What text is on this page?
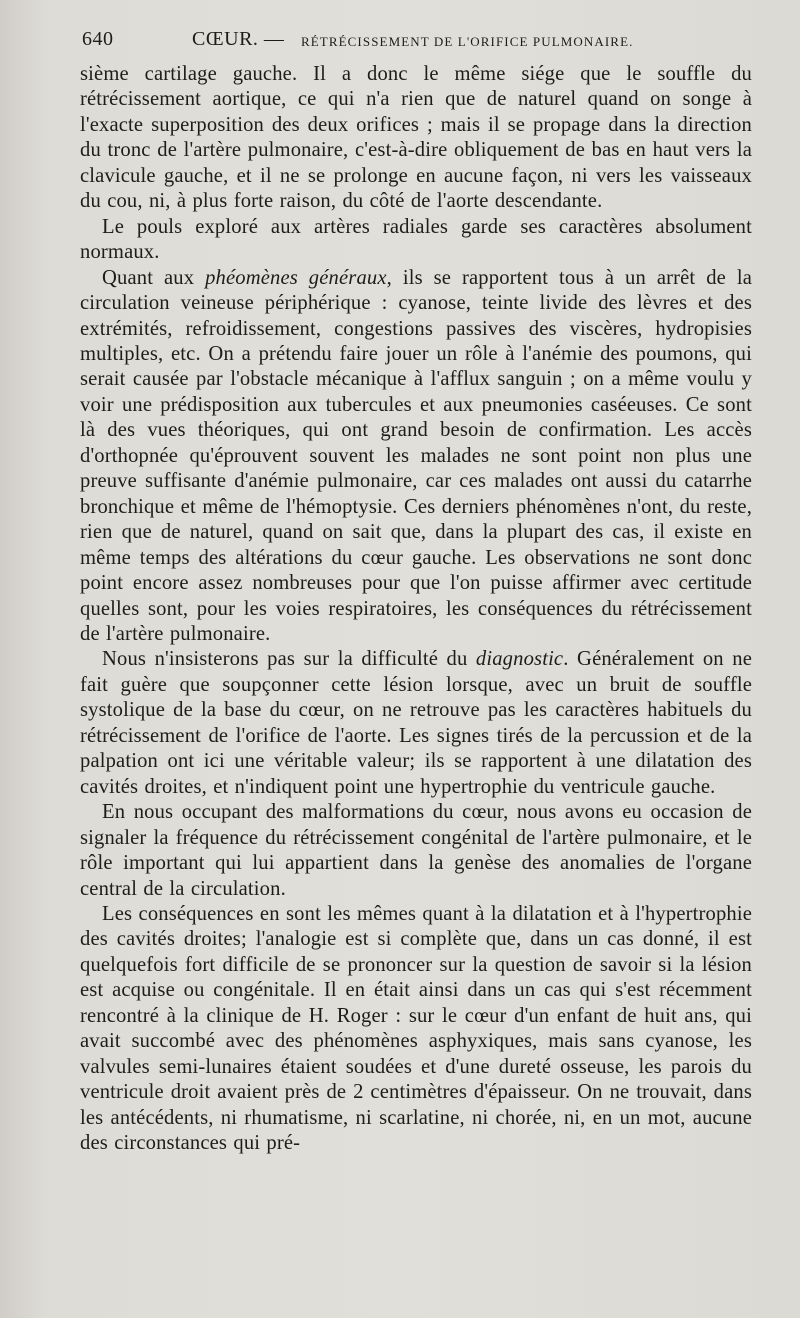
640	CŒUR. — RÉTRÉCISSEMENT DE L'ORIFICE PULMONAIRE.

sième cartilage gauche. Il a donc le même siége que le souffle du rétrécissement aortique, ce qui n'a rien que de naturel quand on songe à l'exacte superposition des deux orifices ; mais il se propage dans la direction du tronc de l'artère pulmonaire, c'est-à-dire obliquement de bas en haut vers la clavicule gauche, et il ne se prolonge en aucune façon, ni vers les vaisseaux du cou, ni, à plus forte raison, du côté de l'aorte descendante.

Le pouls exploré aux artères radiales garde ses caractères absolument normaux.

Quant aux phéomènes généraux, ils se rapportent tous à un arrêt de la circulation veineuse périphérique : cyanose, teinte livide des lèvres et des extrémités, refroidissement, congestions passives des viscères, hydropisies multiples, etc. On a prétendu faire jouer un rôle à l'anémie des poumons, qui serait causée par l'obstacle mécanique à l'afflux sanguin ; on a même voulu y voir une prédisposition aux tubercules et aux pneumonies caséeuses. Ce sont là des vues théoriques, qui ont grand besoin de confirmation. Les accès d'orthopnée qu'éprouvent souvent les malades ne sont point non plus une preuve suffisante d'anémie pulmonaire, car ces malades ont aussi du catarrhe bronchique et même de l'hémoptysie. Ces derniers phénomènes n'ont, du reste, rien que de naturel, quand on sait que, dans la plupart des cas, il existe en même temps des altérations du cœur gauche. Les observations ne sont donc point encore assez nombreuses pour que l'on puisse affirmer avec certitude quelles sont, pour les voies respiratoires, les conséquences du rétrécissement de l'artère pulmonaire.

Nous n'insisterons pas sur la difficulté du diagnostic. Généralement on ne fait guère que soupçonner cette lésion lorsque, avec un bruit de souffle systolique de la base du cœur, on ne retrouve pas les caractères habituels du rétrécissement de l'orifice de l'aorte. Les signes tirés de la percussion et de la palpation ont ici une véritable valeur; ils se rapportent à une dilatation des cavités droites, et n'indiquent point une hypertrophie du ventricule gauche.

En nous occupant des malformations du cœur, nous avons eu occasion de signaler la fréquence du rétrécissement congénital de l'artère pulmonaire, et le rôle important qui lui appartient dans la genèse des anomalies de l'organe central de la circulation.

Les conséquences en sont les mêmes quant à la dilatation et à l'hypertrophie des cavités droites; l'analogie est si complète que, dans un cas donné, il est quelquefois fort difficile de se prononcer sur la question de savoir si la lésion est acquise ou congénitale. Il en était ainsi dans un cas qui s'est récemment rencontré à la clinique de H. Roger : sur le cœur d'un enfant de huit ans, qui avait succombé avec des phénomènes asphyxiques, mais sans cyanose, les valvules semi-lunaires étaient soudées et d'une dureté osseuse, les parois du ventricule droit avaient près de 2 centimètres d'épaisseur. On ne trouvait, dans les antécédents, ni rhumatisme, ni scarlatine, ni chorée, ni, en un mot, aucune des circonstances qui pré-
